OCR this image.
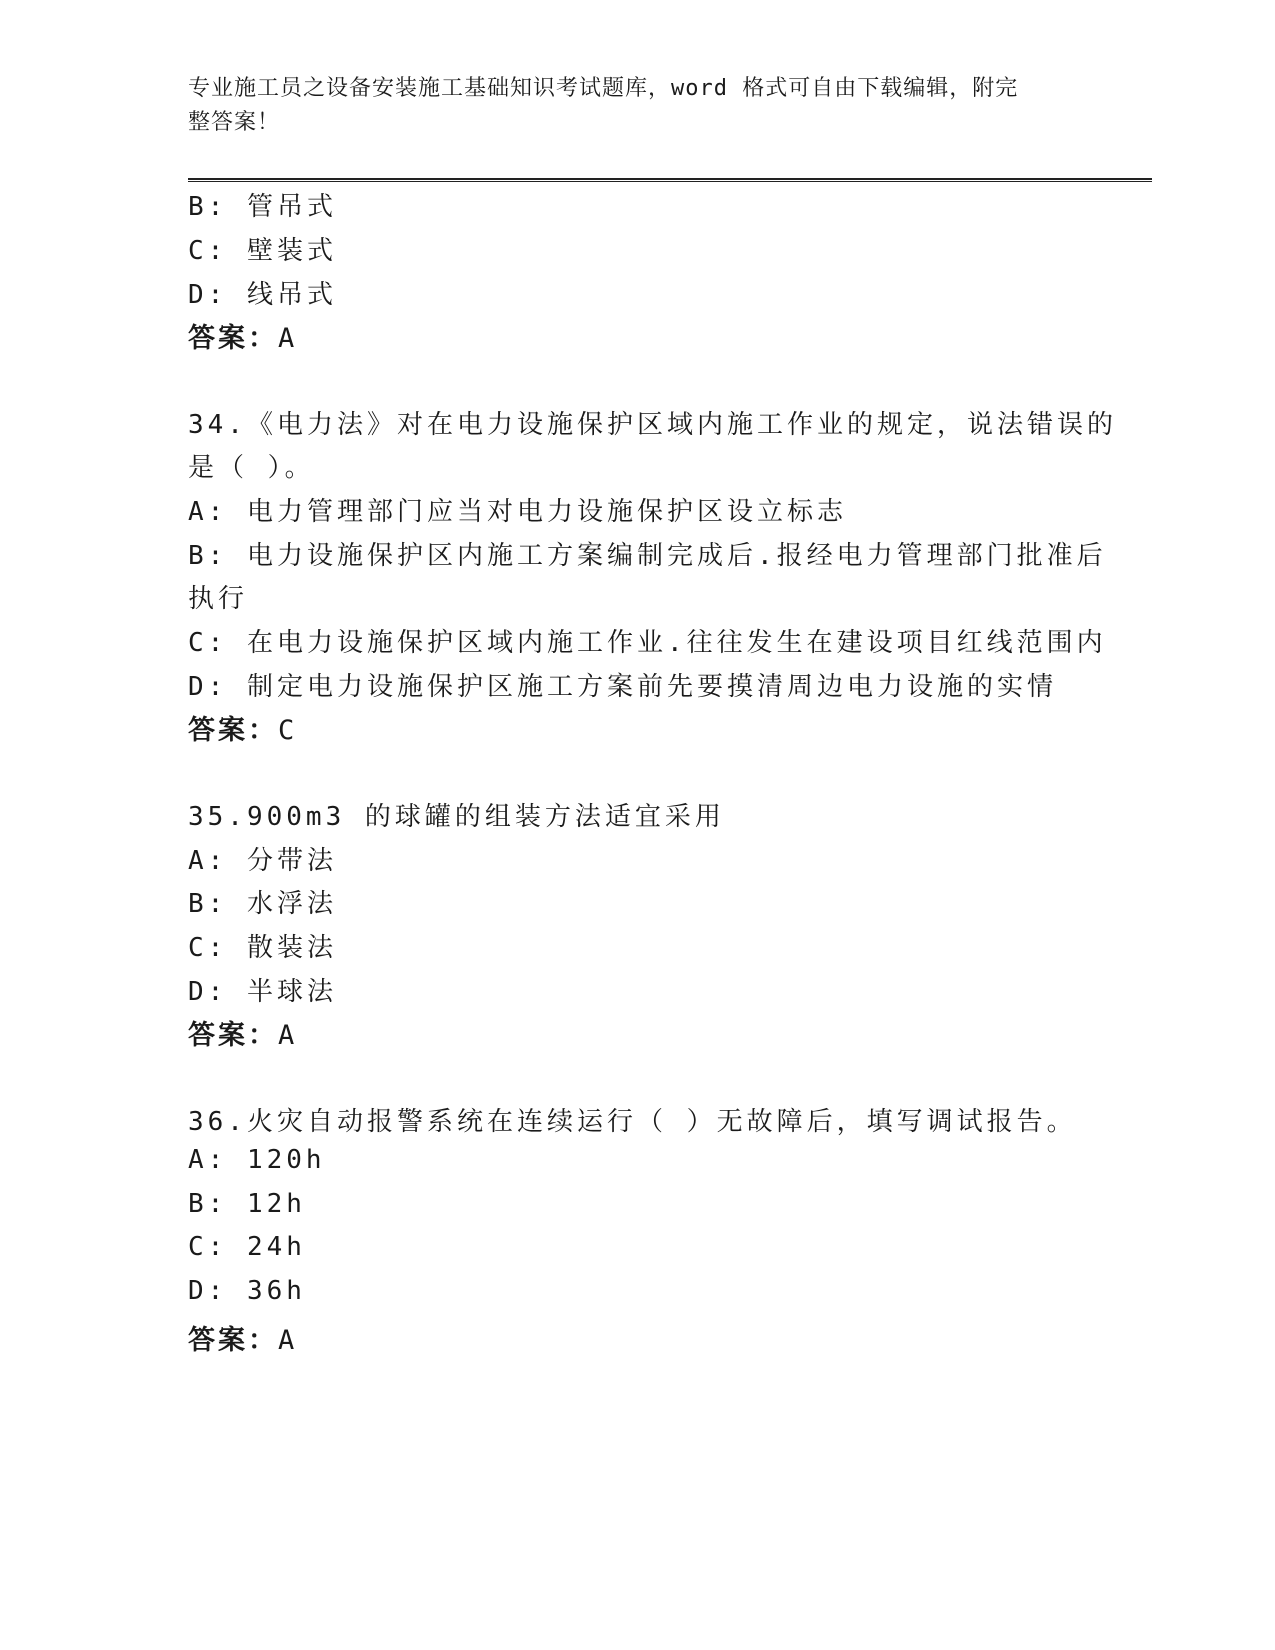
专业施工员之设备安装施工基础知识考试题库，word 格式可自由下载编辑，附完
整答案！
B: 管吊式
C: 壁装式
D: 线吊式
答案：A
34.《电力法》对在电力设施保护区域内施工作业的规定，说法错误的
是（ ）。
A: 电力管理部门应当对电力设施保护区设立标志
B: 电力设施保护区内施工方案编制完成后.报经电力管理部门批准后
执行
C: 在电力设施保护区域内施工作业.往往发生在建设项目红线范围内
D: 制定电力设施保护区施工方案前先要摸清周边电力设施的实情
答案：C
35.900m3 的球罐的组装方法适宜采用
A: 分带法
B: 水浮法
C: 散装法
D: 半球法
答案：A
36.火灾自动报警系统在连续运行（ ）无故障后，填写调试报告。
A: 120h
B: 12h
C: 24h
D: 36h
答案：A
